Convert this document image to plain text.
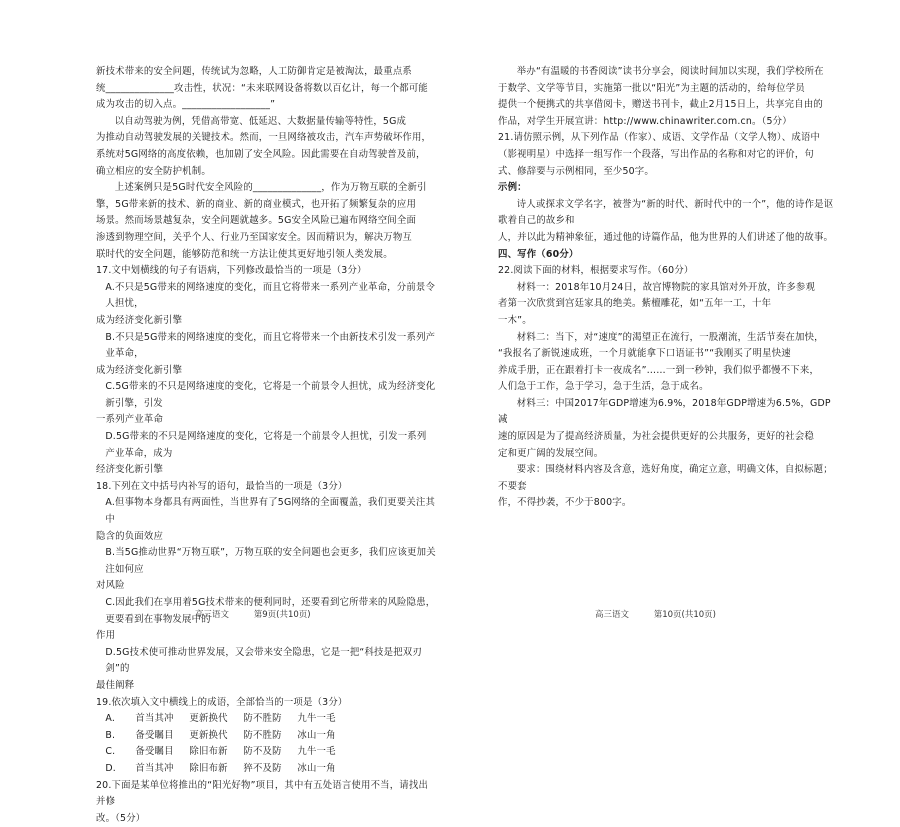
新技术带来的安全问题，传统试为忽略，人工防御肯定是被淘汰，最重点系

统______________攻击性，状况：“未来联网设备将数以百亿计，每一个都可能

成为攻击的切入点。__________________”

以自动驾驶为例，凭借高带宽、低延迟、大数据量传输等特性，5G成

为推动自动驾驶发展的关键技术。然而，一旦网络被攻击，汽车声势破坏作用，

系统对5G网络的高度依赖，也加剧了安全风险。因此需要在自动驾驶普及前，

确立相应的安全防护机制。

上述案例只是5G时代安全风险的______________，作为万物互联的全新引

擎，5G带来新的技术、新的商业、新的商业模式，也开拓了频繁复杂的应用

场景。然而场景越复杂，安全问题就越多。5G安全风险已遍布网络空间全面

渗透到物理空间，关乎个人、行业乃至国家安全。因而精识为，解决万物互

联时代的安全问题，能够防范和统一方法让使其更好地引领人类发展。

17.文中划横线的句子有语病，下列修改最恰当的一项是（3分）

A.不只是5G带来的网络速度的变化，而且它将带来一系列产业革命，分前景令人担忧，

成为经济变化新引擎

B.不只是5G带来的网络速度的变化，而且它将带来一个由新技术引发一系列产业革命，

成为经济变化新引擎

C.5G带来的不只是网络速度的变化，它将是一个前景令人担忧，成为经济变化新引擎，引发

一系列产业革命

D.5G带来的不只是网络速度的变化，它将是一个前景令人担忧，引发一系列产业革命，成为

经济变化新引擎

18.下列在文中括号内补写的语句，最恰当的一项是（3分）

A.但事物本身都具有两面性，当世界有了5G网络的全面覆盖，我们更要关注其中

隐含的负面效应

B.当5G推动世界“万物互联”，万物互联的安全问题也会更多，我们应该更加关注如何应

对风险

C.因此我们在享用着5G技术带来的便利同时，还要看到它所带来的风险隐患，更要看到在事物发展中的

作用

D.5G技术使可推动世界发展，又会带来安全隐患，它是一把“科技是把双刃剑”的

最佳阐释

19.依次填入文中横线上的成语，全部恰当的一项是（3分）

A.	首当其冲	更新换代	防不胜防	九牛一毛
B.	备受瞩目	更新换代	防不胜防	冰山一角
C.	备受瞩目	除旧布新	防不及防	九牛一毛
D.	首当其冲	除旧布新	猝不及防	冰山一角

20.下面是某单位将推出的“阳光好物”项目，其中有五处语言使用不当，请找出并修

改。（5分）

高三语文	第9页(共10页)

举办“有温暖的书香阅读”读书分享会，阅读时间加以实现，我们学校所在

于数学、文学等节目，实施第一批以“阳光”为主题的活动的，给每位学员

提供一个便携式的共享借阅卡，赠送书刊卡，截止2月15日上，共享完自由的

作品，对学生开展宣讲：http://www.chinawriter.com.cn。（5分）

21.请仿照示例，从下列作品（作家）、成语、文学作品（文学人物）、成语中

（影视明星）中选择一组写作一个段落，写出作品的名称和对它的评价，句

式、修辞要与示例相同，至少50字。

示例：

诗人或探求文学名字，被誉为“新的时代、新时代中的一个”，他的诗作是讴歌着自己的故乡和

人，并以此为精神象征，通过他的诗篇作品，他为世界的人们讲述了他的故事。

四、写作（60分）

22.阅读下面的材料，根据要求写作。（60分）

材料一：2018年10月24日，故宫博物院的家具馆对外开放，许多参观

者第一次欣赏到宫廷家具的绝美。紫檀雕花，如“五年一工，十年

一木”。

材料二：当下，对“速度”的渴望正在流行，一股潮流，生活节奏在加快，

“我报名了新锐速成班，一个月就能拿下口语证书”“我刚买了明星快速

养成手册，正在跟着打卡一夜成名”……一到一秒钟，我们似乎都慢不下来，

人们急于工作，急于学习，急于生活，急于成名。

材料三：中国2017年GDP增速为6.9%，2018年GDP增速为6.5%，GDP减

速的原因是为了提高经济质量，为社会提供更好的公共服务，更好的社会稳

定和更广阔的发展空间。

要求：围绕材料内容及含意，选好角度，确定立意，明确文体，自拟标题；不要套

作，不得抄袭，不少于800字。

高三语文	第10页(共10页)
